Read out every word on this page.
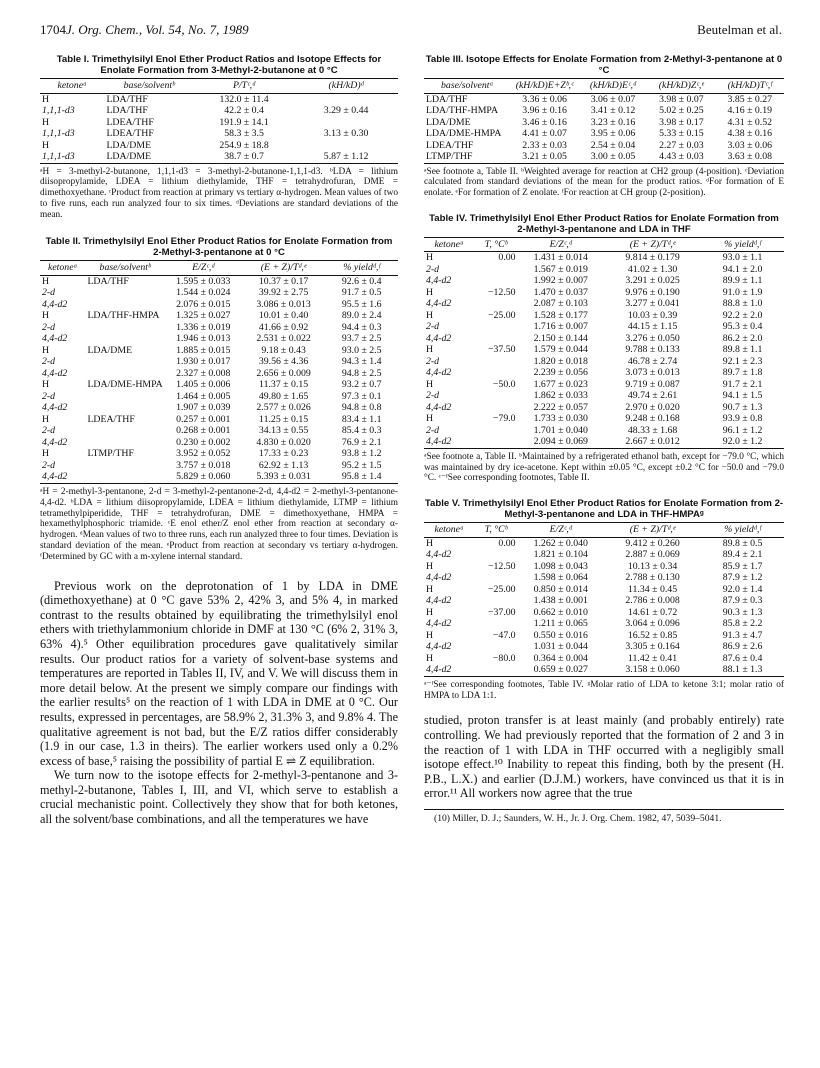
1704 J. Org. Chem., Vol. 54, No. 7, 1989	Beutelman et al.
Table I. Trimethylsilyl Enol Ether Product Ratios and Isotope Effects for Enolate Formation from 3-Methyl-2-butanone at 0 °C
ketoneᵃ	base/solventᵇ	P/Tᶜ,ᵈ	(kH/kD)ᵈ
H	LDA/THF	132.0 ± 11.4	
1,1,1-d3	LDA/THF	42.2 ± 0.4	3.29 ± 0.44
H	LDEA/THF	191.9 ± 14.1	
1,1,1-d3	LDEA/THF	58.3 ± 3.5	3.13 ± 0.30
H	LDA/DME	254.9 ± 18.8	
1,1,1-d3	LDA/DME	38.7 ± 0.7	5.87 ± 1.12

ᵃH = 3-methyl-2-butanone, 1,1,1-d3 = 3-methyl-2-butanone-1,1,1-d3. ᵇLDA = lithium diisopropylamide, LDEA = lithium diethylamide, THF = tetrahydrofuran, DME = dimethoxyethane. ᶜProduct from reaction at primary vs tertiary α-hydrogen. Mean values of two to five runs, each run analyzed four to six times. ᵈDeviations are standard deviations of the mean.

Table II. Trimethylsilyl Enol Ether Product Ratios for Enolate Formation from 2-Methyl-3-pentanone at 0 °C
ketoneᵃ	base/solventᵇ	E/Zᶜ,ᵈ	(E + Z)/Tᵈ,ᵉ	% yieldᵈ,ᶠ
H	LDA/THF	1.595 ± 0.033	10.37 ± 0.17	92.6 ± 0.4
2-d		1.544 ± 0.024	39.92 ± 2.75	91.7 ± 0.5
4,4-d2		2.076 ± 0.015	3.086 ± 0.013	95.5 ± 1.6
H	LDA/THF-HMPA	1.325 ± 0.027	10.01 ± 0.40	89.0 ± 2.4
2-d		1.336 ± 0.019	41.66 ± 0.92	94.4 ± 0.3
4,4-d2		1.946 ± 0.013	2.531 ± 0.022	93.7 ± 2.5
H	LDA/DME	1.885 ± 0.015	9.18 ± 0.43	93.0 ± 2.5
2-d		1.930 ± 0.017	39.56 ± 4.36	94.3 ± 1.4
4,4-d2		2.327 ± 0.008	2.656 ± 0.009	94.8 ± 2.5
H	LDA/DME-HMPA	1.405 ± 0.006	11.37 ± 0.15	93.2 ± 0.7
2-d		1.464 ± 0.005	49.80 ± 1.65	97.3 ± 0.1
4,4-d2		1.907 ± 0.039	2.577 ± 0.026	94.8 ± 0.8
H	LDEA/THF	0.257 ± 0.001	11.25 ± 0.15	83.4 ± 1.1
2-d		0.268 ± 0.001	34.13 ± 0.55	85.4 ± 0.3
4,4-d2		0.230 ± 0.002	4.830 ± 0.020	76.9 ± 2.1
H	LTMP/THF	3.952 ± 0.052	17.33 ± 0.23	93.8 ± 1.2
2-d		3.757 ± 0.018	62.92 ± 1.13	95.2 ± 1.5
4,4-d2		5.829 ± 0.060	5.393 ± 0.031	95.8 ± 1.4

ᵃH = 2-methyl-3-pentanone, 2-d = 3-methyl-2-pentanone-2-d, 4,4-d2 = 2-methyl-3-pentanone-4,4-d2. ᵇLDA = lithium diisopropylamide, LDEA = lithium diethylamide, LTMP = lithium tetramethylpiperidide, THF = tetrahydrofuran, DME = dimethoxyethane, HMPA = hexamethylphosphoric triamide. ᶜE enol ether/Z enol ether from reaction at secondary α-hydrogen. ᵈMean values of two to three runs, each run analyzed three to four times. Deviation is standard deviation of the mean. ᵉProduct from reaction at secondary vs tertiary α-hydrogen. ᶠDetermined by GC with a m-xylene internal standard.

Previous work on the deprotonation of 1 by LDA in DME (dimethoxyethane) at 0 °C gave 53% 2, 42% 3, and 5% 4, in marked contrast to the results obtained by equilibrating the trimethylsilyl enol ethers with triethylammonium chloride in DMF at 130 °C (6% 2, 31% 3, 63% 4).⁵ Other equilibration procedures gave qualitatively similar results. Our product ratios for a variety of solvent-base systems and temperatures are reported in Tables II, IV, and V. We will discuss them in more detail below. At the present we simply compare our findings with the earlier results⁵ on the reaction of 1 with LDA in DME at 0 °C. Our results, expressed in percentages, are 58.9% 2, 31.3% 3, and 9.8% 4. The qualitative agreement is not bad, but the E/Z ratios differ considerably (1.9 in our case, 1.3 in theirs). The earlier workers used only a 0.2% excess of base,⁵ raising the possibility of partial E ⇌ Z equilibration.

We turn now to the isotope effects for 2-methyl-3-pentanone and 3-methyl-2-butanone, Tables I, III, and VI, which serve to establish a crucial mechanistic point. Collectively they show that for both ketones, all the solvent/base combinations, and all the temperatures we have

Table III. Isotope Effects for Enolate Formation from 2-Methyl-3-pentanone at 0 °C
base/solventᵃ	(kH/kD)E+Zᵇ,ᶜ	(kH/kD)Eᶜ,ᵈ	(kH/kD)Zᶜ,ᵉ	(kH/kD)Tᶜ,ᶠ
LDA/THF	3.36 ± 0.06	3.06 ± 0.07	3.98 ± 0.07	3.85 ± 0.27
LDA/THF-HMPA	3.96 ± 0.16	3.41 ± 0.12	5.02 ± 0.25	4.16 ± 0.19
LDA/DME	3.46 ± 0.16	3.23 ± 0.16	3.98 ± 0.17	4.31 ± 0.52
LDA/DME-HMPA	4.41 ± 0.07	3.95 ± 0.06	5.33 ± 0.15	4.38 ± 0.16
LDEA/THF	2.33 ± 0.03	2.54 ± 0.04	2.27 ± 0.03	3.03 ± 0.06
LTMP/THF	3.21 ± 0.05	3.00 ± 0.05	4.43 ± 0.03	3.63 ± 0.08

ᵃSee footnote a, Table II. ᵇWeighted average for reaction at CH2 group (4-position). ᶜDeviation calculated from standard deviations of the mean for the product ratios. ᵈFor formation of E enolate. ᵉFor formation of Z enolate. ᶠFor reaction at CH group (2-position).

Table IV. Trimethylsilyl Enol Ether Product Ratios for Enolate Formation from 2-Methyl-3-pentanone and LDA in THF
ketoneᵃ	T, °Cᵇ	E/Zᶜ,ᵈ	(E + Z)/Tᵈ,ᵉ	% yieldᵈ,ᶠ
H	0.00	1.431 ± 0.014	9.814 ± 0.179	93.0 ± 1.1
2-d		1.567 ± 0.019	41.02 ± 1.30	94.1 ± 2.0
4,4-d2		1.992 ± 0.007	3.291 ± 0.025	89.9 ± 1.1
H	−12.50	1.470 ± 0.037	9.976 ± 0.190	91.0 ± 1.9
4,4-d2		2.087 ± 0.103	3.277 ± 0.041	88.8 ± 1.0
H	−25.00	1.528 ± 0.177	10.03 ± 0.39	92.2 ± 2.0
2-d		1.716 ± 0.007	44.15 ± 1.15	95.3 ± 0.4
4,4-d2		2.150 ± 0.144	3.276 ± 0.050	86.2 ± 2.0
H	−37.50	1.579 ± 0.044	9.788 ± 0.133	89.8 ± 1.1
2-d		1.820 ± 0.018	46.78 ± 2.74	92.1 ± 2.3
4,4-d2		2.239 ± 0.056	3.073 ± 0.013	89.7 ± 1.8
H	−50.0	1.677 ± 0.023	9.719 ± 0.087	91.7 ± 2.1
2-d		1.862 ± 0.033	49.74 ± 2.61	94.1 ± 1.5
4,4-d2		2.222 ± 0.057	2.970 ± 0.020	90.7 ± 1.3
H	−79.0	1.733 ± 0.030	9.248 ± 0.168	93.9 ± 0.8
2-d		1.701 ± 0.040	48.33 ± 1.68	96.1 ± 1.2
4,4-d2		2.094 ± 0.069	2.667 ± 0.012	92.0 ± 1.2

ᵃSee footnote a, Table II. ᵇMaintained by a refrigerated ethanol bath, except for −79.0 °C, which was maintained by dry ice-acetone. Kept within ±0.05 °C, except ±0.2 °C for −50.0 and −79.0 °C. ᶜ⁻ᶠSee corresponding footnotes, Table II.

Table V. Trimethylsilyl Enol Ether Product Ratios for Enolate Formation from 2-Methyl-3-pentanone and LDA in THF-HMPAᵍ
ketoneᵃ	T, °Cᵇ	E/Zᶜ,ᵈ	(E + Z)/Tᵈ,ᵉ	% yieldᵈ,ᶠ
H	0.00	1.262 ± 0.040	9.412 ± 0.260	89.8 ± 0.5
4,4-d2		1.821 ± 0.104	2.887 ± 0.069	89.4 ± 2.1
H	−12.50	1.098 ± 0.043	10.13 ± 0.34	85.9 ± 1.7
4,4-d2		1.598 ± 0.064	2.788 ± 0.130	87.9 ± 1.2
H	−25.00	0.850 ± 0.014	11.34 ± 0.45	92.0 ± 1.4
4,4-d2		1.438 ± 0.001	2.786 ± 0.008	87.9 ± 0.3
H	−37.00	0.662 ± 0.010	14.61 ± 0.72	90.3 ± 1.3
4,4-d2		1.211 ± 0.065	3.064 ± 0.096	85.8 ± 2.2
H	−47.0	0.550 ± 0.016	16.52 ± 0.85	91.3 ± 4.7
4,4-d2		1.031 ± 0.044	3.305 ± 0.164	86.9 ± 2.6
H	−80.0	0.364 ± 0.004	11.42 ± 0.41	87.6 ± 0.4
4,4-d2		0.659 ± 0.027	3.158 ± 0.060	88.1 ± 1.3

ᵃ⁻ᶠSee corresponding footnotes, Table IV. ᵍMolar ratio of LDA to ketone 3:1; molar ratio of HMPA to LDA 1:1.

studied, proton transfer is at least mainly (and probably entirely) rate controlling. We had previously reported that the formation of 2 and 3 in the reaction of 1 with LDA in THF occurred with a negligibly small isotope effect.¹⁰ Inability to repeat this finding, both by the present (H. P.B., L.X.) and earlier (D.J.M.) workers, have convinced us that it is in error.¹¹ All workers now agree that the true

(10) Miller, D. J.; Saunders, W. H., Jr. J. Org. Chem. 1982, 47, 5039–5041.
